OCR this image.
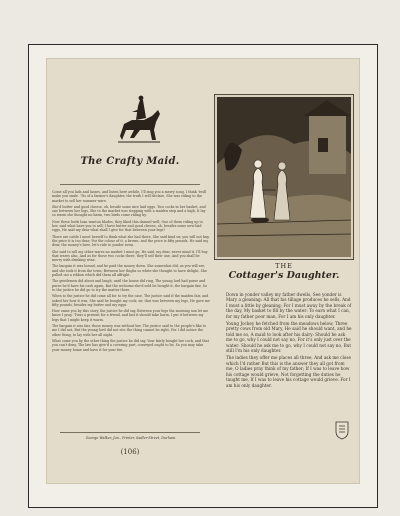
The Crafty Maid.

Come all you lads and lasses, and listen here awhile, I'll sing you a merry song, I think 'twill make you smile. 'Tis of a farmer's daughter, the truth I will declare, She was riding to the market to sell her summer ware.

She'd butter and good cheese, oh, beside some nice laid eggs, Two cocks in her basket, and one between her legs, She to the market was stepping with a maiden step and a high, It lay so warm she thought no harm, two birds come riding by.

Now these lords loan wanton blades, they liked this damsel well, One of them riding up to her, said what have you to sell; I have butter and good cheese, oh, besides some new-laid eggs, He said my dear what shall I give for that between your legs?

There are cattle I meet herself to think what she had there, She said kind sir, you will not buy, the price it is too dear; For the colour of it, a brown, and the price is fifty pounds, He said my dear, the money's here, let's ride to yonder town.

She said to sell my other wares no market I must go, He said, my dear, never mind it, I'll buy that wares also, And as for those two cocks there, they'll sell their one, And you shall be merry with drinking wine.

The bargain it was bound, and he paid the money down, She somewhat did, as you will see, and she took it from the town; Between her thighs so white she thought to have delight, She pulled out a ribbon which did them all affright.

The gentlemen did about and laugh, until the house did ring, The young lord had purse and purse he'd have his cash again, But the welcome she'd sold he bought it, the bargain fair, So to the justice he did go to try the matter there.

When to the justice he did come all for to try the case, The justice said if the maiden fair, and asked her how it was, She said he bought my cock, sir, that was between my legs, He gave me fifty pounds, besides my butter and my eggs.

How came you by this story, the justice he did say, Between your legs the morning sun let me know I pray, 'Twas a present for a friend, and last it should take harm, I put it between my legs that I might keep it warm.

The bargain it was fair, those money was without her, The justice said to the people's-like to me I did not, But the young lord did not stir, the thing cannot be right, For I did notice the other thing, to lay with her all night.

What come you by the other thing the justice he did say, Your fairly bought her cock, and that you can't deny, The law has give'd a covering part, conveyed ought to be, So you may take your money home and have it for your fee.

George Walker, Jun., Printer, Sadler-Street, Durham.
(106)
THE
Cottager's Daughter.

Down in yonder valley my father dwells, See yonder is Mary a gleaning: All that his tillage produces he sells, And I must a little by gleaning; For I must away by the break of the day, My basket to fill by the water: To earn what I can, for my father poor man, For I am his only daughter.

Young Jockey he fetched from the meadows below, Three pretty cows from old Mary, He said he should want, and he told me so, A maid to look after his dairy: Should he ask me to go, why I could not say no, For it's only just over the water: Should he ask me to go, why I could not say no, But still I'm his only daughter.

The ladies they offer me places all three, And ask me close which I'd rather But this is the answer they all got from me, O ladies pray think of my father; If I was to leave how his cottage would grieve, Not forgetting the duties he taught me, If I was to leave his cottage would grieve. For I am his only daughter.
